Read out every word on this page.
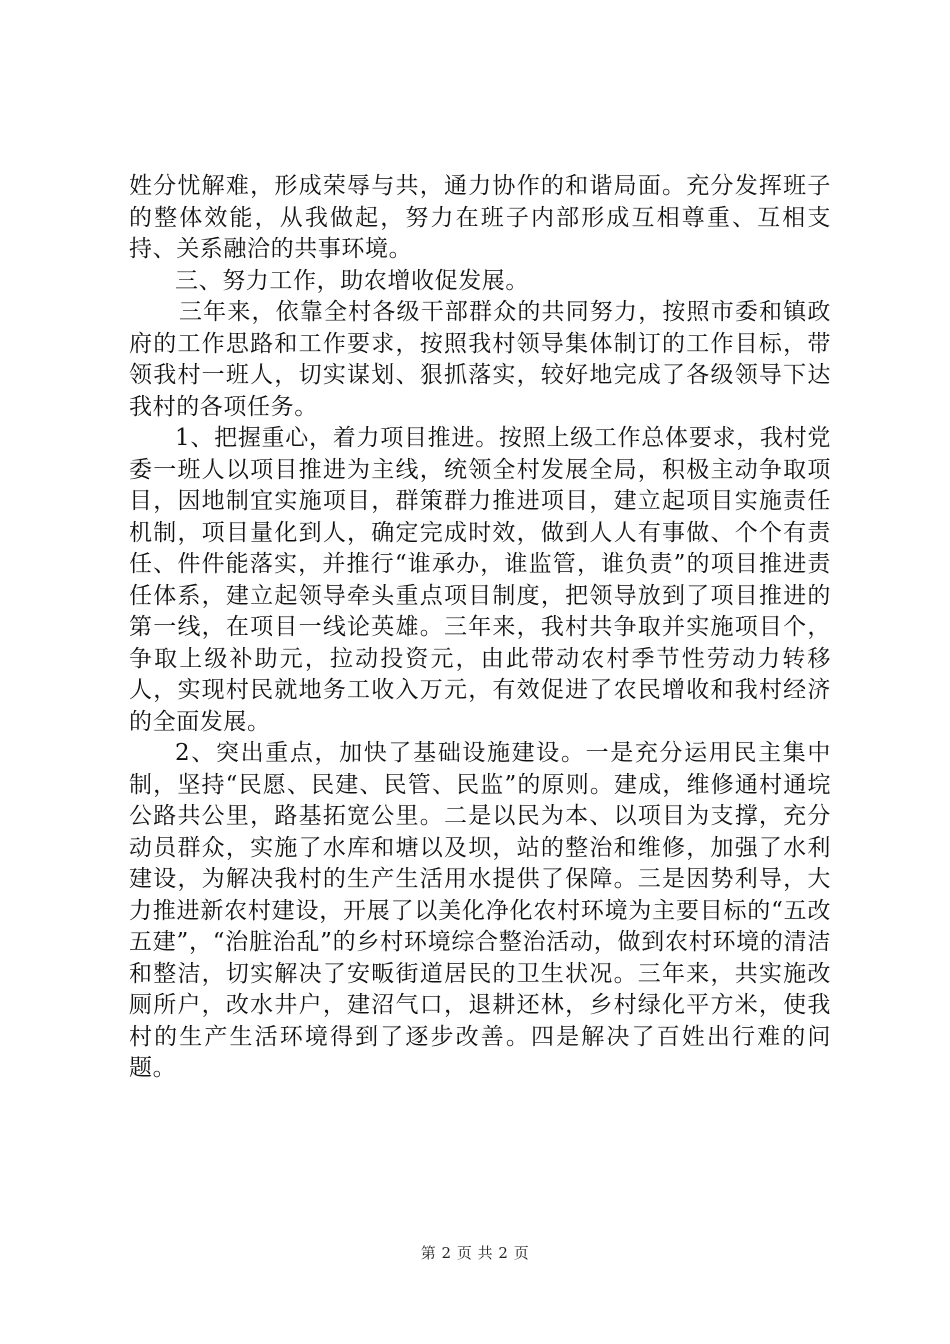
姓分忧解难，形成荣辱与共，通力协作的和谐局面。充分发挥班子的整体效能，从我做起，努力在班子内部形成互相尊重、互相支持、关系融洽的共事环境。

三、努力工作，助农增收促发展。

三年来，依靠全村各级干部群众的共同努力，按照市委和镇政府的工作思路和工作要求，按照我村领导集体制订的工作目标，带领我村一班人，切实谋划、狠抓落实，较好地完成了各级领导下达我村的各项任务。

1、把握重心，着力项目推进。按照上级工作总体要求，我村党委一班人以项目推进为主线，统领全村发展全局，积极主动争取项目，因地制宜实施项目，群策群力推进项目，建立起项目实施责任机制，项目量化到人，确定完成时效，做到人人有事做、个个有责任、件件能落实，并推行“谁承办，谁监管，谁负责”的项目推进责任体系，建立起领导牵头重点项目制度，把领导放到了项目推进的第一线，在项目一线论英雄。三年来，我村共争取并实施项目个，争取上级补助元，拉动投资元，由此带动农村季节性劳动力转移人，实现村民就地务工收入万元，有效促进了农民增收和我村经济的全面发展。

2、突出重点，加快了基础设施建设。一是充分运用民主集中制，坚持“民愿、民建、民管、民监”的原则。建成，维修通村通垸公路共公里，路基拓宽公里。二是以民为本、以项目为支撑，充分动员群众，实施了水库和塘以及坝，站的整治和维修，加强了水利建设，为解决我村的生产生活用水提供了保障。三是因势利导，大力推进新农村建设，开展了以美化净化农村环境为主要目标的“五改五建”，“治脏治乱”的乡村环境综合整治活动，做到农村环境的清洁和整洁，切实解决了安畈街道居民的卫生状况。三年来，共实施改厕所户，改水井户，建沼气口，退耕还林，乡村绿化平方米，使我村的生产生活环境得到了逐步改善。四是解决了百姓出行难的问题。

第 2 页 共 2 页
